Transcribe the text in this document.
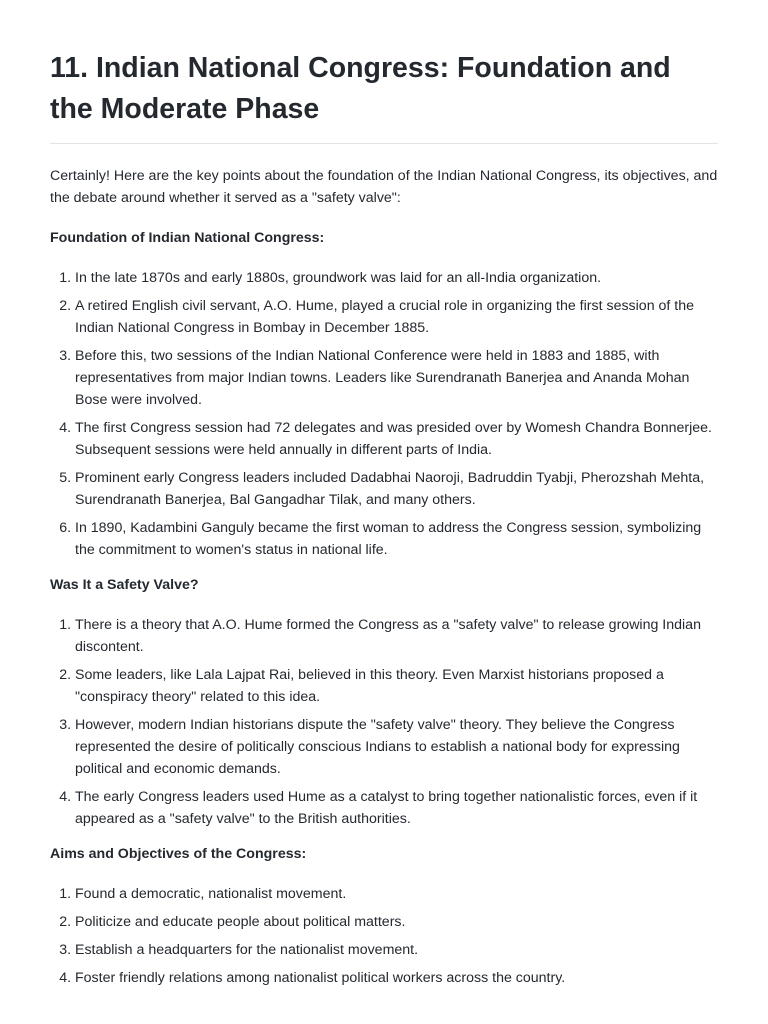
11. Indian National Congress: Foundation and the Moderate Phase

Certainly! Here are the key points about the foundation of the Indian National Congress, its objectives, and the debate around whether it served as a "safety valve":

Foundation of Indian National Congress:

1. In the late 1870s and early 1880s, groundwork was laid for an all-India organization.
2. A retired English civil servant, A.O. Hume, played a crucial role in organizing the first session of the Indian National Congress in Bombay in December 1885.
3. Before this, two sessions of the Indian National Conference were held in 1883 and 1885, with representatives from major Indian towns. Leaders like Surendranath Banerjea and Ananda Mohan Bose were involved.
4. The first Congress session had 72 delegates and was presided over by Womesh Chandra Bonnerjee. Subsequent sessions were held annually in different parts of India.
5. Prominent early Congress leaders included Dadabhai Naoroji, Badruddin Tyabji, Pherozshah Mehta, Surendranath Banerjea, Bal Gangadhar Tilak, and many others.
6. In 1890, Kadambini Ganguly became the first woman to address the Congress session, symbolizing the commitment to women's status in national life.

Was It a Safety Valve?

1. There is a theory that A.O. Hume formed the Congress as a "safety valve" to release growing Indian discontent.
2. Some leaders, like Lala Lajpat Rai, believed in this theory. Even Marxist historians proposed a "conspiracy theory" related to this idea.
3. However, modern Indian historians dispute the "safety valve" theory. They believe the Congress represented the desire of politically conscious Indians to establish a national body for expressing political and economic demands.
4. The early Congress leaders used Hume as a catalyst to bring together nationalistic forces, even if it appeared as a "safety valve" to the British authorities.

Aims and Objectives of the Congress:

1. Found a democratic, nationalist movement.
2. Politicize and educate people about political matters.
3. Establish a headquarters for the nationalist movement.
4. Foster friendly relations among nationalist political workers across the country.
